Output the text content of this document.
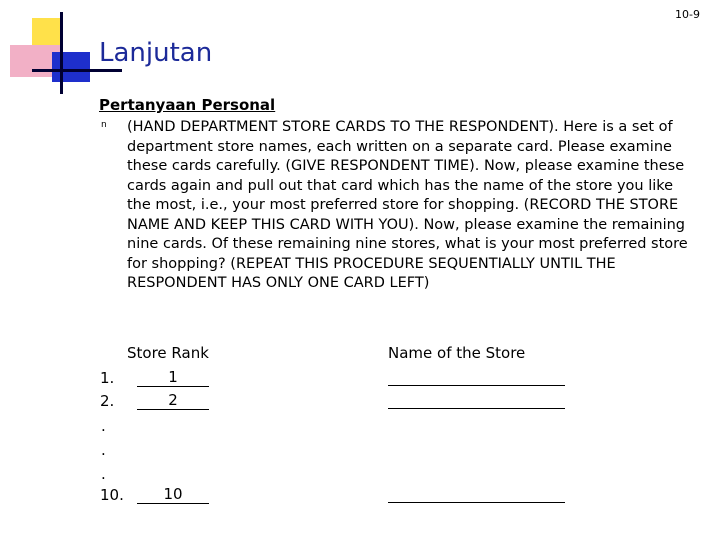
10-9
Lanjutan
Pertanyaan Personal
n (HAND DEPARTMENT STORE CARDS TO THE RESPONDENT). Here is a set of department store names, each written on a separate card. Please examine these cards carefully. (GIVE RESPONDENT TIME). Now, please examine these cards again and pull out that card which has the name of the store you like the most, i.e., your most preferred store for shopping. (RECORD THE STORE NAME AND KEEP THIS CARD WITH YOU). Now, please examine the remaining nine cards. Of these remaining nine stores, what is your most preferred store for shopping? (REPEAT THIS PROCEDURE SEQUENTIALLY UNTIL THE RESPONDENT HAS ONLY ONE CARD LEFT)

Store Rank	Name of the Store
1.	1
2.	2
.
.
.
10.	10
